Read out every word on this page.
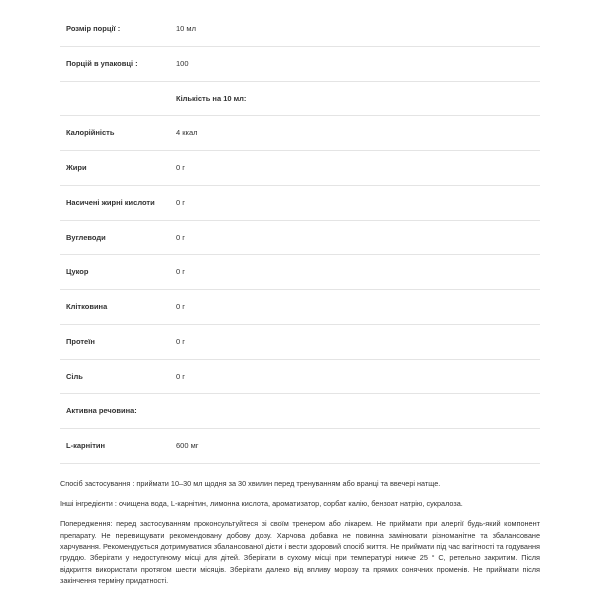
Розмір порції :	10 мл
Порцій в упаковці :	100
	Кількість на 10 мл:
Калорійність	4 ккал
Жири	0 г
Насичені жирні кислоти	0 г
Вуглеводи	0 г
Цукор	0 г
Клітковина	0 г
Протеїн	0 г
Сіль	0 г
Активна речовина:	
L-карнітин	600 мг
Спосіб застосування : приймати 10–30 мл щодня за 30 хвилин перед тренуванням або вранці та ввечері натще.
Інші інгредієнти : очищена вода, L-карнітин, лимонна кислота, ароматизатор, сорбат калію, бензоат натрію, сукралоза.
Попередження: перед застосуванням проконсультуйтеся зі своїм тренером або лікарем. Не приймати при алергії будь-який компонент препарату. Не перевищувати рекомендовану добову дозу. Харчова добавка не повинна замінювати різноманітне та збалансоване харчування. Рекомендується дотримуватися збалансованої дієти і вести здоровий спосіб життя. Не приймати під час вагітності та годування груддю. Зберігати у недоступному місці для дітей. Зберігати в сухому місці при температурі нижче 25 ° С, ретельно закритим. Після відкриття використати протягом шести місяців. Зберігати далеко від впливу морозу та прямих сонячних променів. Не приймати після закінчення терміну придатності.
